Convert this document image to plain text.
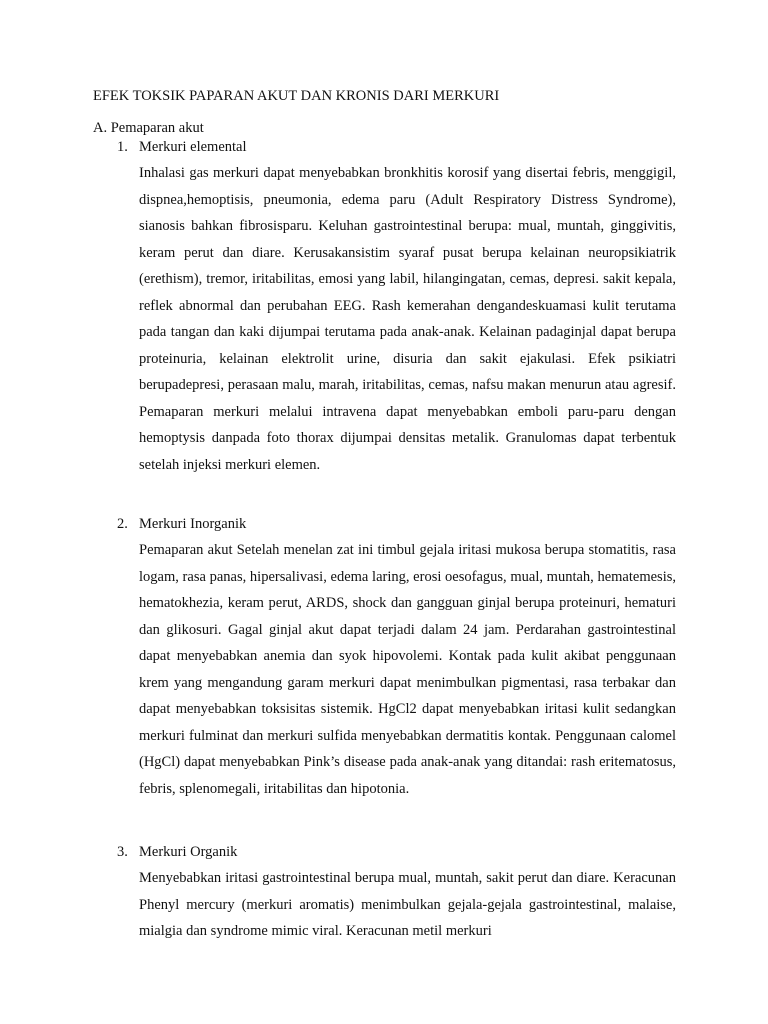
EFEK TOKSIK PAPARAN AKUT DAN KRONIS DARI MERKURI
A. Pemaparan akut
1. Merkuri elemental
Inhalasi gas merkuri dapat menyebabkan bronkhitis korosif yang disertai febris, menggigil, dispnea,hemoptisis, pneumonia, edema paru (Adult Respiratory Distress Syndrome), sianosis bahkan fibrosisparu. Keluhan gastrointestinal berupa: mual, muntah, ginggivitis, keram perut dan diare. Kerusakansistim syaraf pusat berupa kelainan neuropsikiatrik (erethism), tremor, iritabilitas, emosi yang labil, hilangingatan, cemas, depresi. sakit kepala, reflek abnormal dan perubahan EEG. Rash kemerahan dengandeskuamasi kulit terutama pada tangan dan kaki dijumpai terutama pada anak-anak. Kelainan padaginjal dapat berupa proteinuria, kelainan elektrolit urine, disuria dan sakit ejakulasi. Efek psikiatri berupadepresi, perasaan malu, marah, iritabilitas, cemas, nafsu makan menurun atau agresif. Pemaparan merkuri melalui intravena dapat menyebabkan emboli paru-paru dengan hemoptysis danpada foto thorax dijumpai densitas metalik. Granulomas dapat terbentuk setelah injeksi merkuri elemen.
2. Merkuri Inorganik
Pemaparan akut Setelah menelan zat ini timbul gejala iritasi mukosa berupa stomatitis, rasa logam, rasa panas, hipersalivasi, edema laring, erosi oesofagus, mual, muntah, hematemesis, hematokhezia, keram perut, ARDS, shock dan gangguan ginjal berupa proteinuri, hematuri dan glikosuri. Gagal ginjal akut dapat terjadi dalam 24 jam. Perdarahan gastrointestinal dapat menyebabkan anemia dan syok hipovolemi. Kontak pada kulit akibat penggunaan krem yang mengandung garam merkuri dapat menimbulkan pigmentasi, rasa terbakar dan dapat menyebabkan toksisitas sistemik. HgCl2 dapat menyebabkan iritasi kulit sedangkan merkuri fulminat dan merkuri sulfida menyebabkan dermatitis kontak. Penggunaan calomel (HgCl) dapat menyebabkan Pink’s disease pada anak-anak yang ditandai: rash eritematosus, febris, splenomegali, iritabilitas dan hipotonia.
3. Merkuri Organik
Menyebabkan iritasi gastrointestinal berupa mual, muntah, sakit perut dan diare. Keracunan Phenyl mercury (merkuri aromatis) menimbulkan gejala-gejala gastrointestinal, malaise, mialgia dan syndrome mimic viral. Keracunan metil merkuri
